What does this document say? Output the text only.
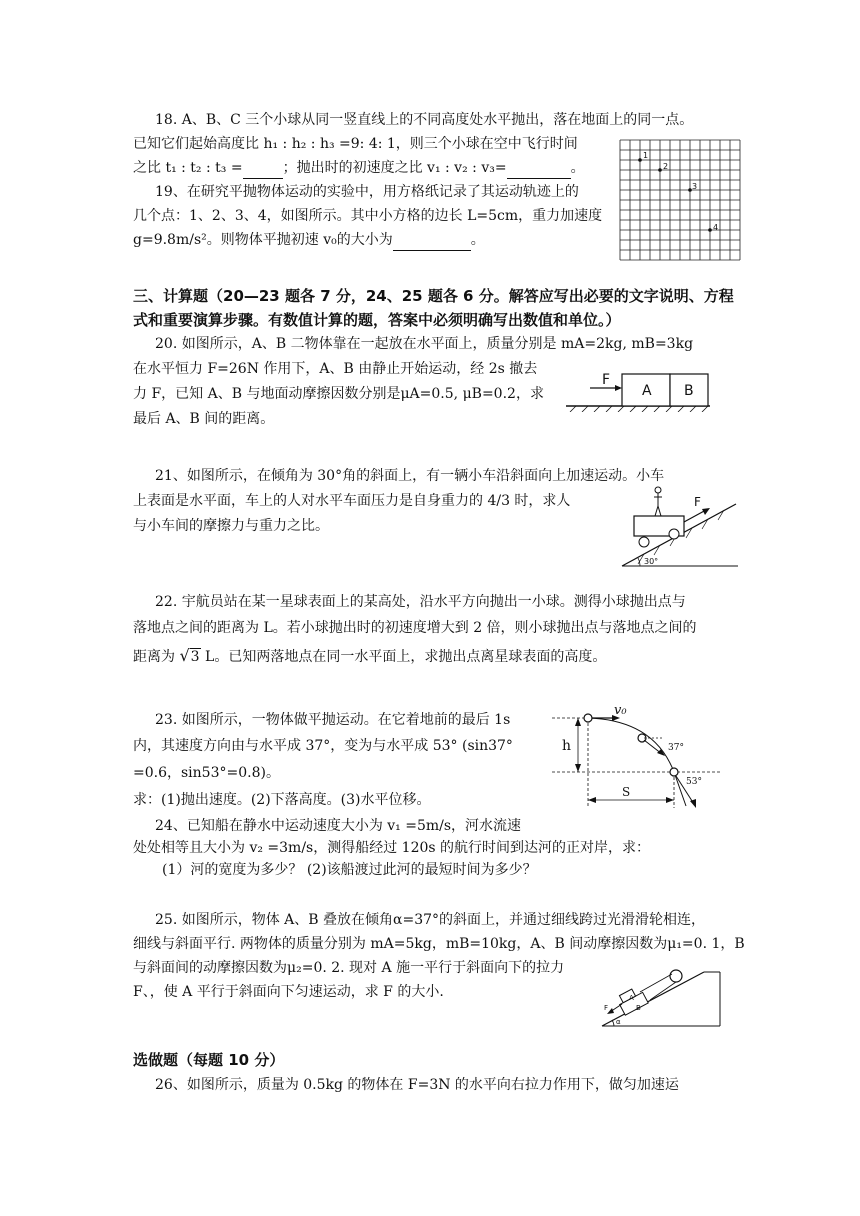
18. A、B、C 三个小球从同一竖直线上的不同高度处水平抛出，落在地面上的同一点。
已知它们起始高度比 h₁ : h₂ : h₃ =9: 4: 1，则三个小球在空中飞行时间
之比 t₁ : t₂ : t₃ =	；抛出时的初速度之比 v₁ : v₂ : v₃=	。
19、在研究平抛物体运动的实验中，用方格纸记录了其运动轨迹上的
几个点：1、2、3、4，如图所示。其中小方格的边长 L=5cm，重力加速度
g=9.8m/s²。则物体平抛初速 v₀的大小为	。
1
2
3
4
三、计算题（20—23 题各 7 分，24、25 题各 6 分。解答应写出必要的文字说明、方程
式和重要演算步骤。有数值计算的题，答案中必须明确写出数值和单位。）
20. 如图所示，A、B 二物体靠在一起放在水平面上，质量分别是 mA=2kg, mB=3kg
在水平恒力 F=26N 作用下，A、B 由静止开始运动，经 2s 撤去
力 F，已知 A、B 与地面动摩擦因数分别是μA=0.5, μB=0.2，求
最后 A、B 间的距离。
F
A B
21、如图所示，在倾角为 30°角的斜面上，有一辆小车沿斜面向上加速运动。小车
上表面是水平面，车上的人对水平车面压力是自身重力的 4/3 时，求人
与小车间的摩擦力与重力之比。
F
30°
22. 宇航员站在某一星球表面上的某高处，沿水平方向抛出一小球。测得小球抛出点与
落地点之间的距离为 L。若小球抛出时的初速度增大到 2 倍，则小球抛出点与落地点之间的
距离为 √3 L。已知两落地点在同一水平面上，求抛出点离星球表面的高度。
23. 如图所示，一物体做平抛运动。在它着地前的最后 1s
内，其速度方向由与水平成 37°，变为与水平成 53° (sin37°
=0.6，sin53°=0.8)。
求：(1)抛出速度。(2)下落高度。(3)水平位移。
v₀
h
S
37°
53°
24、已知船在静水中运动速度大小为 v₁ =5m/s，河水流速
处处相等且大小为 v₂ =3m/s，测得船经过 120s 的航行时间到达河的正对岸，求：
(1）河的宽度为多少？ (2)该船渡过此河的最短时间为多少？
25. 如图所示，物体 A、B 叠放在倾角α=37°的斜面上，并通过细线跨过光滑滑轮相连，
细线与斜面平行. 两物体的质量分别为 mA=5kg，mB=10kg，A、B 间动摩擦因数为μ₁=0. 1，B
与斜面间的动摩擦因数为μ₂=0. 2. 现对 A 施一平行于斜面向下的拉力
F、，使 A 平行于斜面向下匀速运动，求 F 的大小.	A
B
F
α
选做题（每题 10 分）
26、如图所示，质量为 0.5kg 的物体在 F=3N 的水平向右拉力作用下，做匀加速运
